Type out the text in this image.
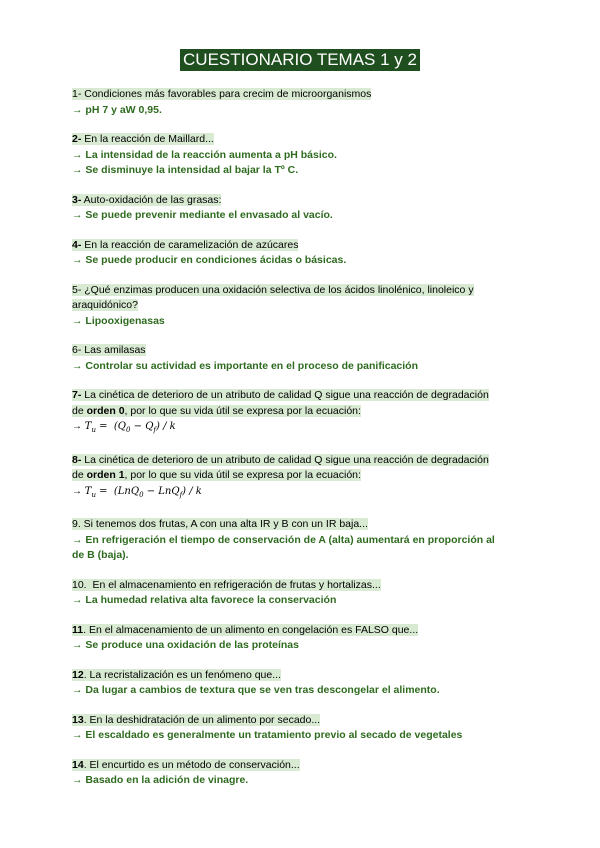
CUESTIONARIO TEMAS 1 y 2
1- Condiciones más favorables para crecim de microorganismos
→ pH 7 y aW 0,95.
2- En la reacción de Maillard...
→ La intensidad de la reacción aumenta a pH básico.
→ Se disminuye la intensidad al bajar la Tº C.
3- Auto-oxidación de las grasas:
→ Se puede prevenir mediante el envasado al vacío.
4- En la reacción de caramelización de azúcares
→ Se puede producir en condiciones ácidas o básicas.
5- ¿Qué enzimas producen una oxidación selectiva de los ácidos linolénico, linoleico y
araquidónico?
→ Lipooxigenasas
6- Las amilasas
→ Controlar su actividad es importante en el proceso de panificación
7- La cinética de deterioro de un atributo de calidad Q sigue una reacción de degradación
de orden 0, por lo que su vida útil se expresa por la ecuación:
→ $T_u = (Q_0 - Q_f) / k$
8- La cinética de deterioro de un atributo de calidad Q sigue una reacción de degradación
de orden 1, por lo que su vida útil se expresa por la ecuación:
→ $T_u = (LnQ_0 - LnQ_f) / k$
9. Si tenemos dos frutas, A con una alta IR y B con un IR baja...
→ En refrigeración el tiempo de conservación de A (alta) aumentará en proporción al
de B (baja).
10.  En el almacenamiento en refrigeración de frutas y hortalizas...
→ La humedad relativa alta favorece la conservación
11. En el almacenamiento de un alimento en congelación es FALSO que...
→ Se produce una oxidación de las proteínas
12. La recristalización es un fenómeno que...
→ Da lugar a cambios de textura que se ven tras descongelar el alimento.
13. En la deshidratación de un alimento por secado...
→ El escaldado es generalmente un tratamiento previo al secado de vegetales
14. El encurtido es un método de conservación...
→ Basado en la adición de vinagre.
